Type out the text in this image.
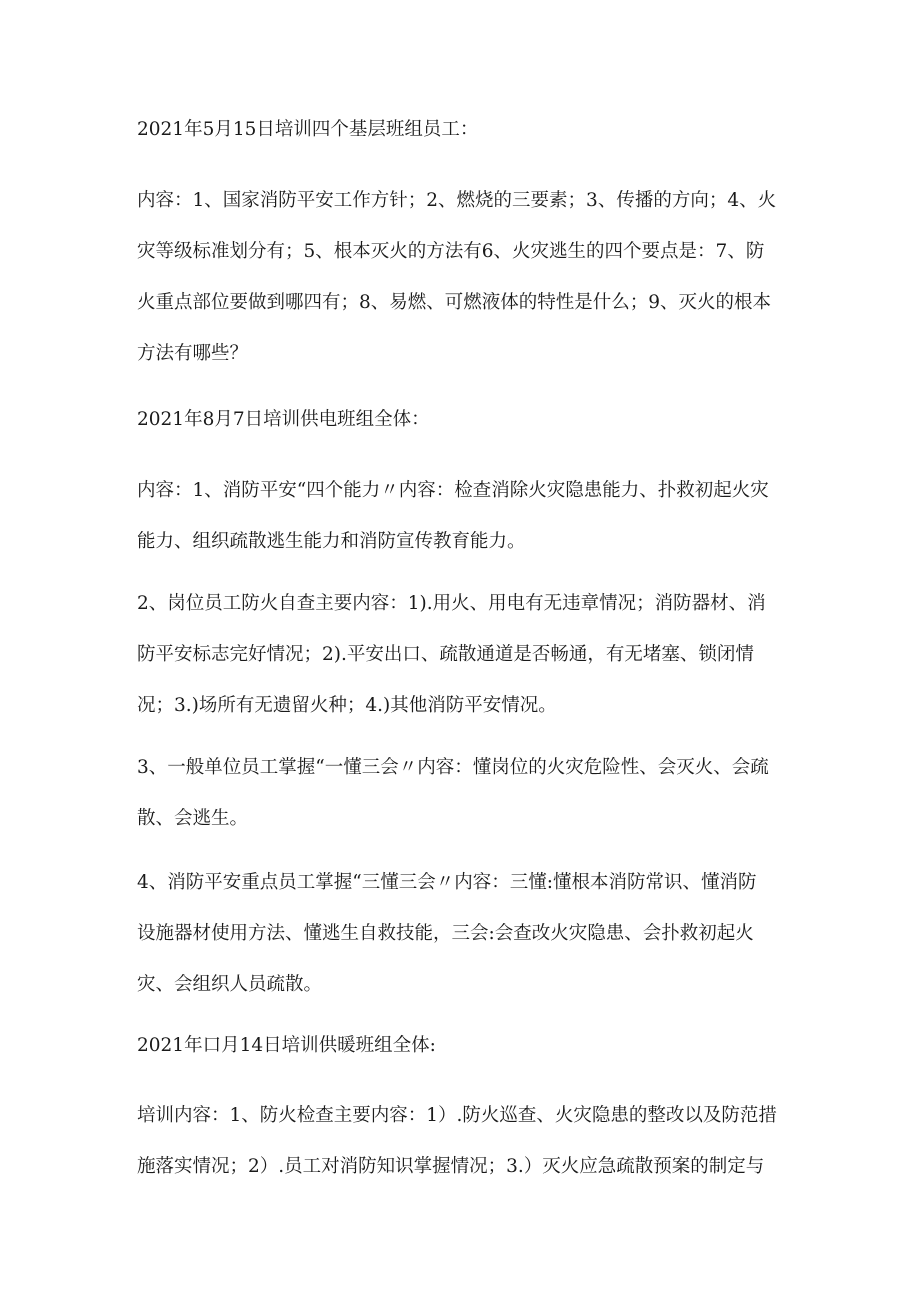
2021年5月15日培训四个基层班组员工：

内容：1、国家消防平安工作方针；2、燃烧的三要素；3、传播的方向；4、火
灾等级标准划分有；5、根本灭火的方法有6、火灾逃生的四个要点是：7、防
火重点部位要做到哪四有；8、易燃、可燃液体的特性是什么；9、灭火的根本
方法有哪些？

2021年8月7日培训供电班组全体：

内容：1、消防平安“四个能力〃内容：检查消除火灾隐患能力、扑救初起火灾
能力、组织疏散逃生能力和消防宣传教育能力。

2、岗位员工防火自查主要内容：1).用火、用电有无违章情况；消防器材、消
防平安标志完好情况；2).平安出口、疏散通道是否畅通，有无堵塞、锁闭情
况；3.)场所有无遗留火种；4.)其他消防平安情况。

3、一般单位员工掌握“一懂三会〃内容：懂岗位的火灾危险性、会灭火、会疏
散、会逃生。

4、消防平安重点员工掌握“三懂三会〃内容：三懂:懂根本消防常识、懂消防
设施器材使用方法、懂逃生自救技能，三会:会查改火灾隐患、会扑救初起火
灾、会组织人员疏散。

2021年口月14日培训供暖班组全体:

培训内容：1、防火检查主要内容：1）.防火巡查、火灾隐患的整改以及防范措
施落实情况；2）.员工对消防知识掌握情况；3.）灭火应急疏散预案的制定与
